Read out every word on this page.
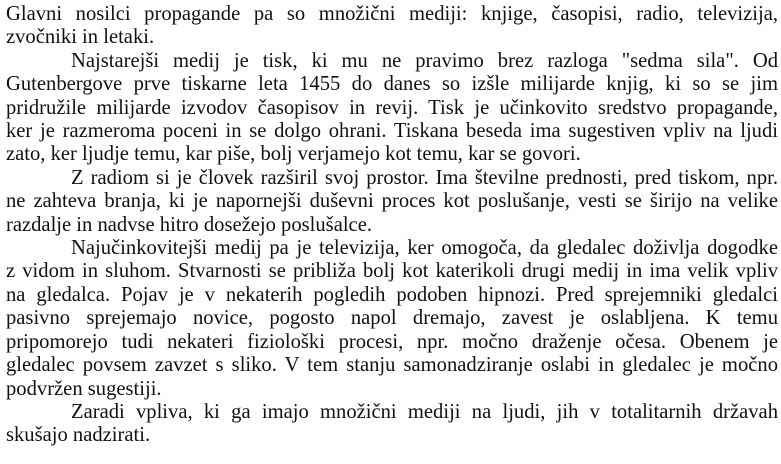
Glavni nosilci propagande pa so množični mediji: knjige, časopisi, radio, televizija,
zvočniki in letaki.
Najstarejši medij je tisk, ki mu ne pravimo brez razloga "sedma sila". Od
Gutenbergove prve tiskarne leta 1455 do danes so izšle milijarde knjig, ki so se jim
pridružile milijarde izvodov časopisov in revij. Tisk je učinkovito sredstvo propagande,
ker je razmeroma poceni in se dolgo ohrani. Tiskana beseda ima sugestiven vpliv na ljudi
zato, ker ljudje temu, kar piše, bolj verjamejo kot temu, kar se govori.
Z radiom si je človek razširil svoj prostor. Ima številne prednosti, pred tiskom, npr.
ne zahteva branja, ki je napornejši duševni proces kot poslušanje, vesti se širijo na velike
razdalje in nadvse hitro dosežejo poslušalce.
Najučinkovitejši medij pa je televizija, ker omogoča, da gledalec doživlja dogodke
z vidom in sluhom. Stvarnosti se približa bolj kot katerikoli drugi medij in ima velik vpliv
na gledalca. Pojav je v nekaterih pogledih podoben hipnozi. Pred sprejemniki gledalci
pasivno sprejemajo novice, pogosto napol dremajo, zavest je oslabljena. K temu
pripomorejo tudi nekateri fiziološki procesi, npr. močno draženje očesa. Obenem je
gledalec povsem zavzet s sliko. V tem stanju samonadziranje oslabi in gledalec je močno
podvržen sugestiji.
Zaradi vpliva, ki ga imajo množični mediji na ljudi, jih v totalitarnih državah
skušajo nadzirati.
